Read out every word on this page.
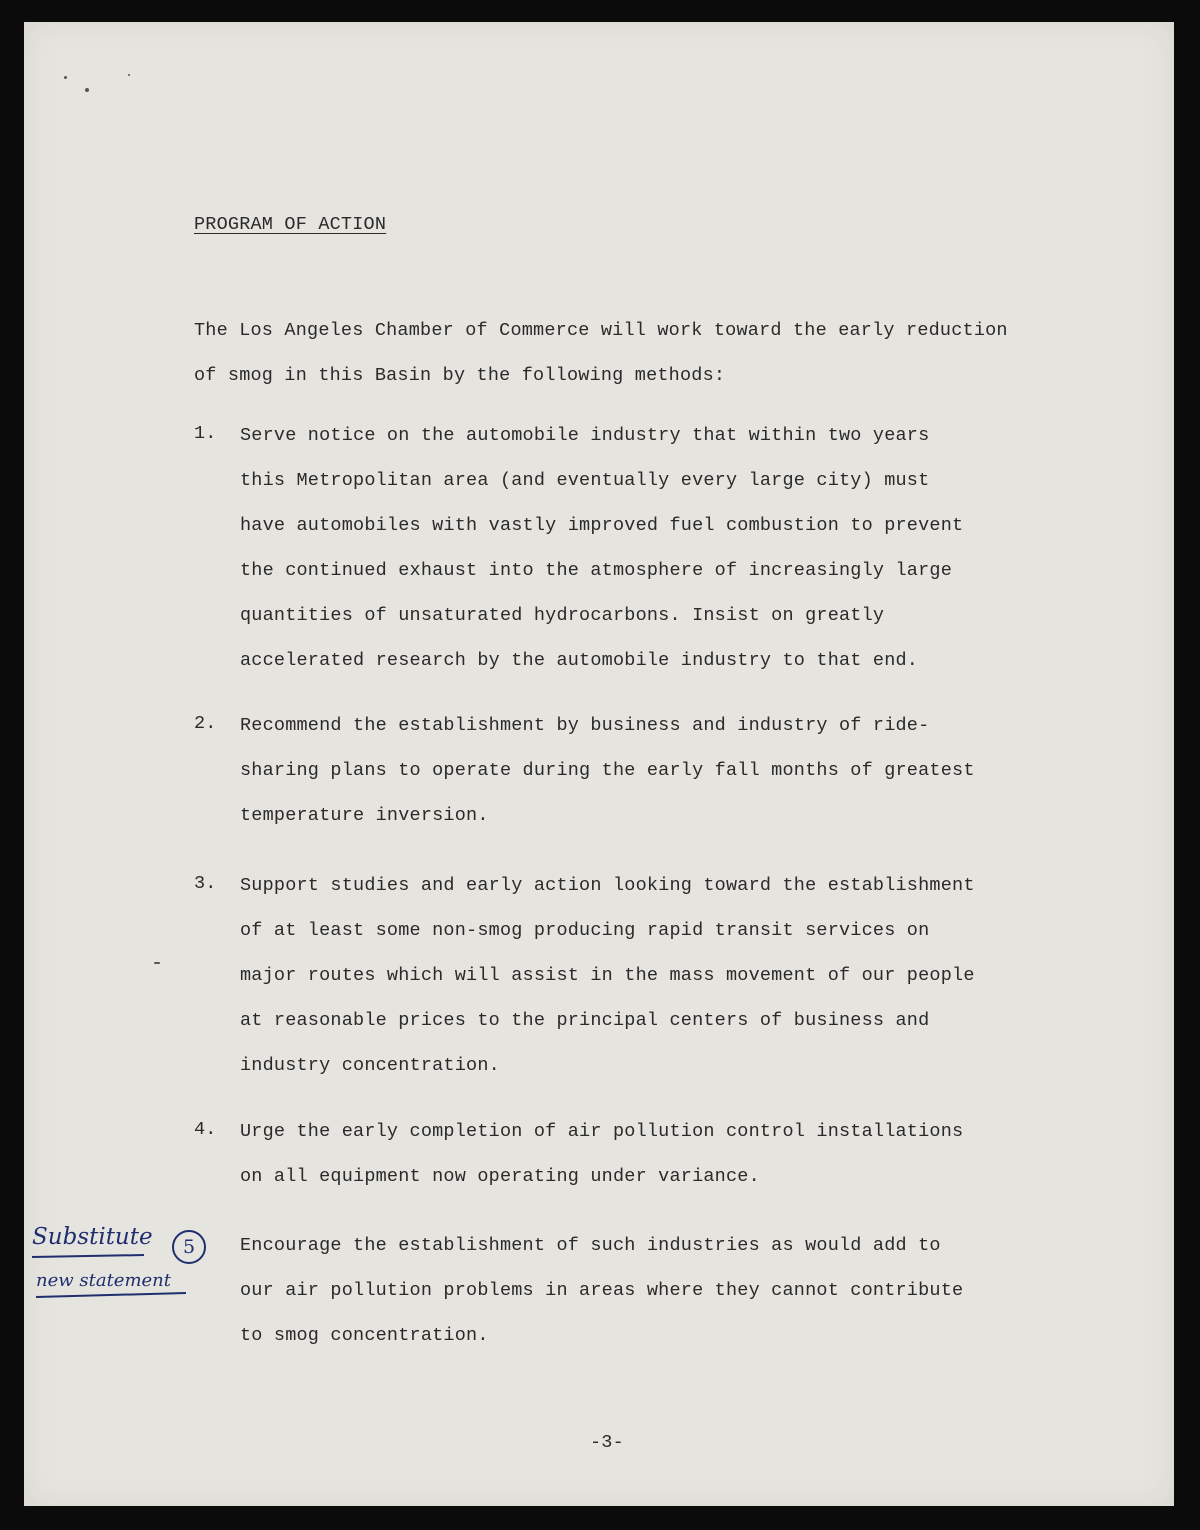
PROGRAM OF ACTION
The Los Angeles Chamber of Commerce will work toward the early reduction
of smog in this Basin by the following methods:
1. Serve notice on the automobile industry that within two years
this Metropolitan area (and eventually every large city) must
have automobiles with vastly improved fuel combustion to prevent
the continued exhaust into the atmosphere of increasingly large
quantities of unsaturated hydrocarbons. Insist on greatly
accelerated research by the automobile industry to that end.
2. Recommend the establishment by business and industry of ride-
sharing plans to operate during the early fall months of greatest
temperature inversion.
3. Support studies and early action looking toward the establishment
of at least some non-smog producing rapid transit services on
major routes which will assist in the mass movement of our people
at reasonable prices to the principal centers of business and
industry concentration.
4. Urge the early completion of air pollution control installations
on all equipment now operating under variance.
Substitute	5
new statement
Encourage the establishment of such industries as would add to
our air pollution problems in areas where they cannot contribute
to smog concentration.
-3-
